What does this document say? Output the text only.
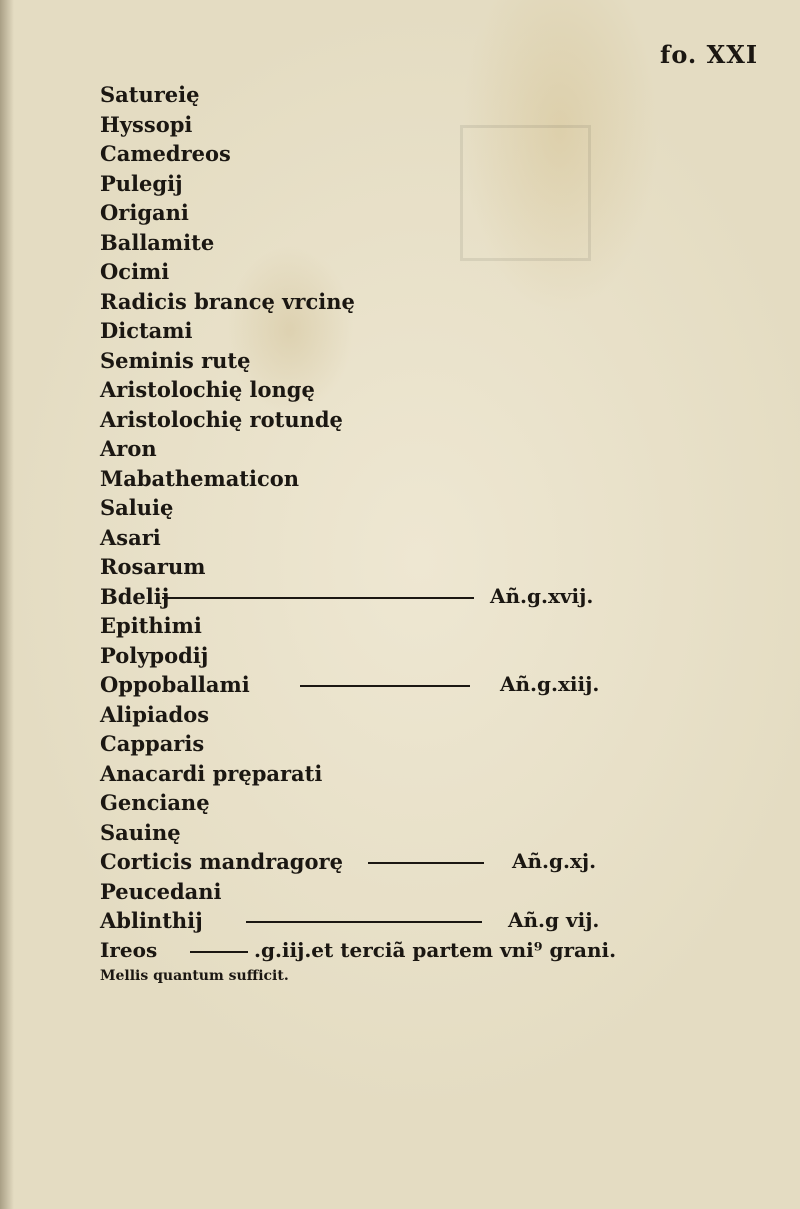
fo. XXI
Satureię
Hyssopi
Camedreos
Pulegij
Origani
Ballamite
Ocimi
Radicis brancę vrcinę
Dictami
Seminis rutę
Aristolochię longę
Aristolochię rotundę
Aron
Mabathematicon
Saluię
Asari
Rosarum
Bdelij	Añ.g.xvij.
Epithimi
Polypodij
Oppoballami	Añ.g.xiij.
Alipiados
Capparis
Anacardi pręparati
Gencianę
Sauinę
Corticis mandragorę	Añ.g.xj.
Peucedani
Ablinthij	Añ.g vij.
Ireos	.g.iij.et terciã partem vni⁹ grani.
Mellis quantum sufficit.
